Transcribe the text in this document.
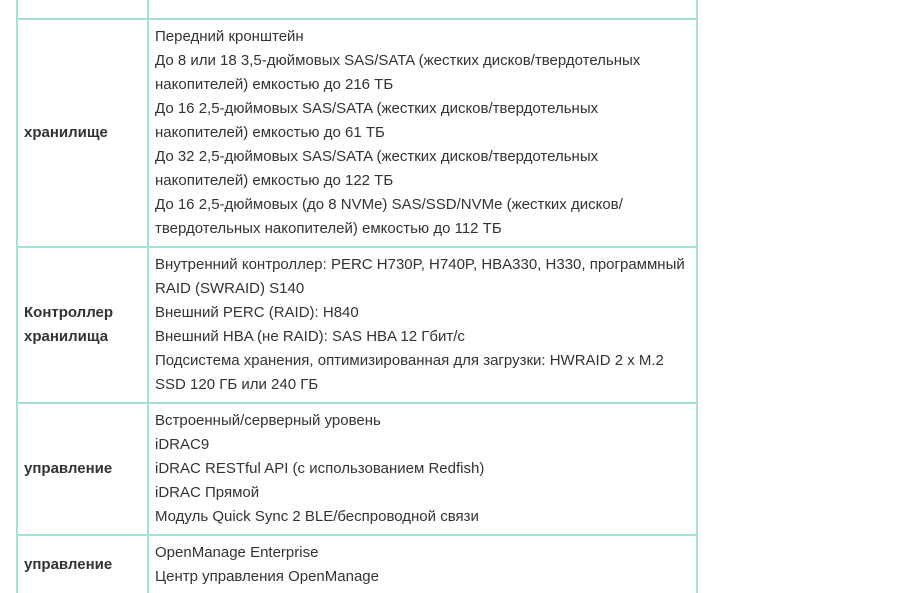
хранилище	Передний кронштейн
До 8 или 18 3,5-дюймовых SAS/SATA (жестких дисков/твердотельных накопителей) емкостью до 216 ТБ
До 16 2,5-дюймовых SAS/SATA (жестких дисков/твердотельных накопителей) емкостью до 61 ТБ
До 32 2,5-дюймовых SAS/SATA (жестких дисков/твердотельных накопителей) емкостью до 122 ТБ
До 16 2,5-дюймовых (до 8 NVMe) SAS/SSD/NVMe (жестких дисков/ твердотельных накопителей) емкостью до 112 ТБ

Контроллер хранилища	Внутренний контроллер: PERC H730P, H740P, HBA330, H330, программный RAID (SWRAID) S140
Внешний PERC (RAID): H840
Внешний HBA (не RAID): SAS HBA 12 Гбит/с
Подсистема хранения, оптимизированная для загрузки: HWRAID 2 x M.2 SSD 120 ГБ или 240 ГБ

управление	Встроенный/серверный уровень
iDRAC9
iDRAC RESTful API (с использованием Redfish)
iDRAC Прямой
Модуль Quick Sync 2 BLE/беспроводной связи

управление	OpenManage Enterprise
Центр управления OpenManage
